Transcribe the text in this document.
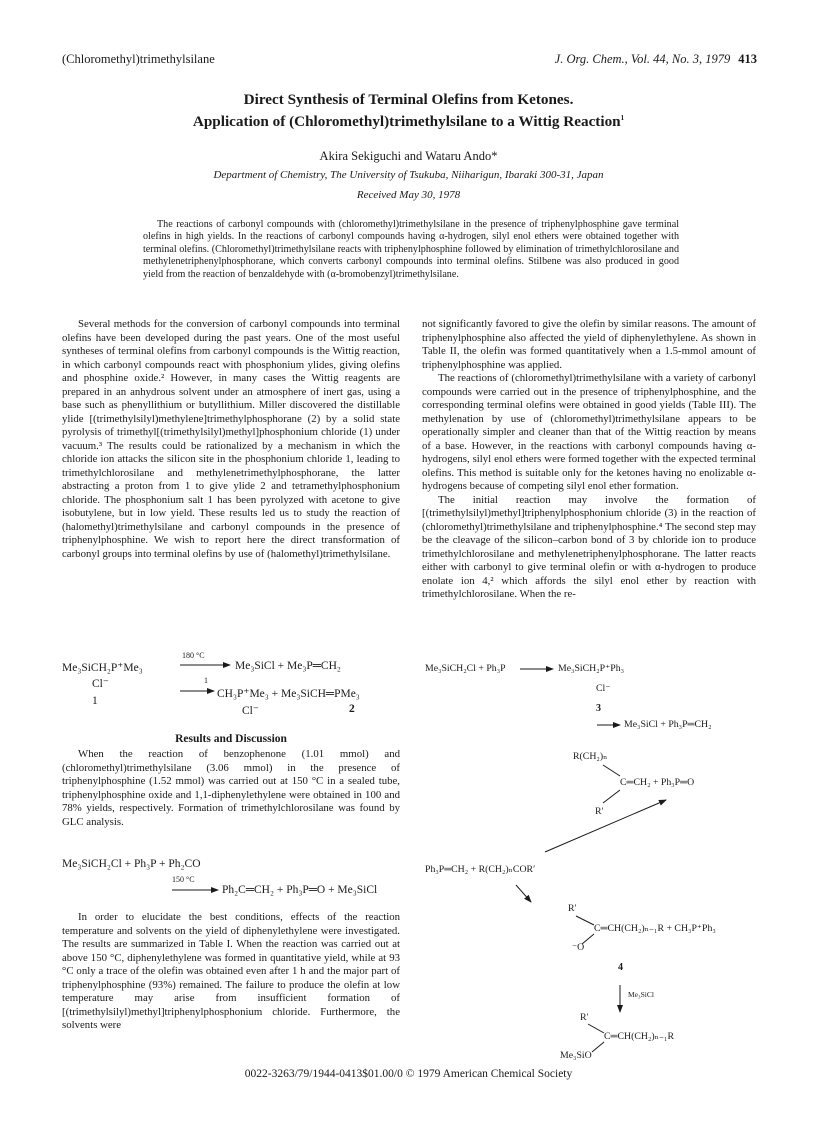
(Chloromethyl)trimethylsilane	J. Org. Chem., Vol. 44, No. 3, 1979 413
Direct Synthesis of Terminal Olefins from Ketones.
Application of (Chloromethyl)trimethylsilane to a Wittig Reaction$^1$
Akira Sekiguchi and Wataru Ando*
Department of Chemistry, The University of Tsukuba, Niiharigun, Ibaraki 300-31, Japan
Received May 30, 1978

The reactions of carbonyl compounds with (chloromethyl)trimethylsilane in the presence of triphenylphosphine gave terminal olefins in high yields. In the reactions of carbonyl compounds having α-hydrogen, silyl enol ethers were obtained together with terminal olefins. (Chloromethyl)trimethylsilane reacts with triphenylphosphine followed by elimination of trimethylchlorosilane and methylenetriphenylphosphorane, which converts carbonyl compounds into terminal olefins. Stilbene was also produced in good yield from the reaction of benzaldehyde with (α-bromobenzyl)trimethylsilane.

Several methods for the conversion of carbonyl compounds into terminal olefins have been developed during the past years. One of the most useful syntheses of terminal olefins from carbonyl compounds is the Wittig reaction, in which carbonyl compounds react with phosphonium ylides, giving olefins and phosphine oxide.² However, in many cases the Wittig reagents are prepared in an anhydrous solvent under an atmosphere of inert gas, using a base such as phenyllithium or butyllithium. Miller discovered the distillable ylide [(trimethylsilyl)methylene]trimethylphosphorane (2) by a solid state pyrolysis of trimethyl[(trimethylsilyl)methyl]phosphonium chloride (1) under vacuum.³ The results could be rationalized by a mechanism in which the chloride ion attacks the silicon site in the phosphonium chloride 1, leading to trimethylchlorosilane and methylenetrimethylphosphorane, the latter abstracting a proton from 1 to give ylide 2 and tetramethylphosphonium chloride. The phosphonium salt 1 has been pyrolyzed with acetone to give isobutylene, but in low yield. These results led us to study the reaction of (halomethyl)trimethylsilane and carbonyl compounds in the presence of triphenylphosphine. We wish to report here the direct transformation of carbonyl groups into terminal olefins by use of (halomethyl)trimethylsilane.

Me₃SiCH₂P⁺Me₃
180 °C
Me₃SiCl + Me₃P═CH₂
Cl⁻	1
1
CH₃P⁺Me₃ + Me₃SiCH═PMe₃
Cl⁻	2
Results and Discussion

When the reaction of benzophenone (1.01 mmol) and (chloromethyl)trimethylsilane (3.06 mmol) in the presence of triphenylphosphine (1.52 mmol) was carried out at 150 °C in a sealed tube, triphenylphosphine oxide and 1,1-diphenylethylene were obtained in 100 and 78% yields, respectively. Formation of trimethylchlorosilane was found by GLC analysis.

Me₃SiCH₂Cl + Ph₃P + Ph₂CO
150 °C
Ph₂C═CH₂ + Ph₃P═O + Me₃SiCl

In order to elucidate the best conditions, effects of the reaction temperature and solvents on the yield of diphenylethylene were investigated. The results are summarized in Table I. When the reaction was carried out at above 150 °C, diphenylethylene was formed in quantitative yield, while at 93 °C only a trace of the olefin was obtained even after 1 h and the major part of triphenylphosphine (93%) remained. The failure to produce the olefin at low temperature may arise from insufficient formation of [(trimethylsilyl)methyl]triphenylphosphonium chloride. Furthermore, the solvents were

not significantly favored to give the olefin by similar reasons. The amount of triphenylphosphine also affected the yield of diphenylethylene. As shown in Table II, the olefin was formed quantitatively when a 1.5-mmol amount of triphenylphosphine was applied.

The reactions of (chloromethyl)trimethylsilane with a variety of carbonyl compounds were carried out in the presence of triphenylphosphine, and the corresponding terminal olefins were obtained in good yields (Table III). The methylenation by use of (chloromethyl)trimethylsilane appears to be operationally simpler and cleaner than that of the Wittig reaction by means of a base. However, in the reactions with carbonyl compounds having α-hydrogens, silyl enol ethers were formed together with the expected terminal olefins. This method is suitable only for the ketones having no enolizable α-hydrogens because of competing silyl enol ether formation.

The initial reaction may involve the formation of [(trimethylsilyl)methyl]triphenylphosphonium chloride (3) in the reaction of (chloromethyl)trimethylsilane and triphenylphosphine.⁴ The second step may be the cleavage of the silicon–carbon bond of 3 by chloride ion to produce trimethylchlorosilane and methylenetriphenylphosphorane. The latter reacts either with carbonyl to give terminal olefin or with α-hydrogen to produce enolate ion 4,² which affords the silyl enol ether by reaction with trimethylchlorosilane. When the re-

Me₃SiCH₂Cl + Ph₃P	Me₃SiCH₂P⁺Ph₃
Cl⁻
3
Me₃SiCl + Ph₃P═CH₂
R(CH₂)ₙ
C═CH₂ + Ph₃P═O
R′
Ph₃P═CH₂ + R(CH₂)ₙCOR′
R′
C═CH(CH₂)ₙ₋₁R + CH₃P⁺Ph₃
⁻O
4
Me₃SiCl
R′
C═CH(CH₂)ₙ₋₁R
Me₃SiO
0022-3263/79/1944-0413$01.00/0 © 1979 American Chemical Society
